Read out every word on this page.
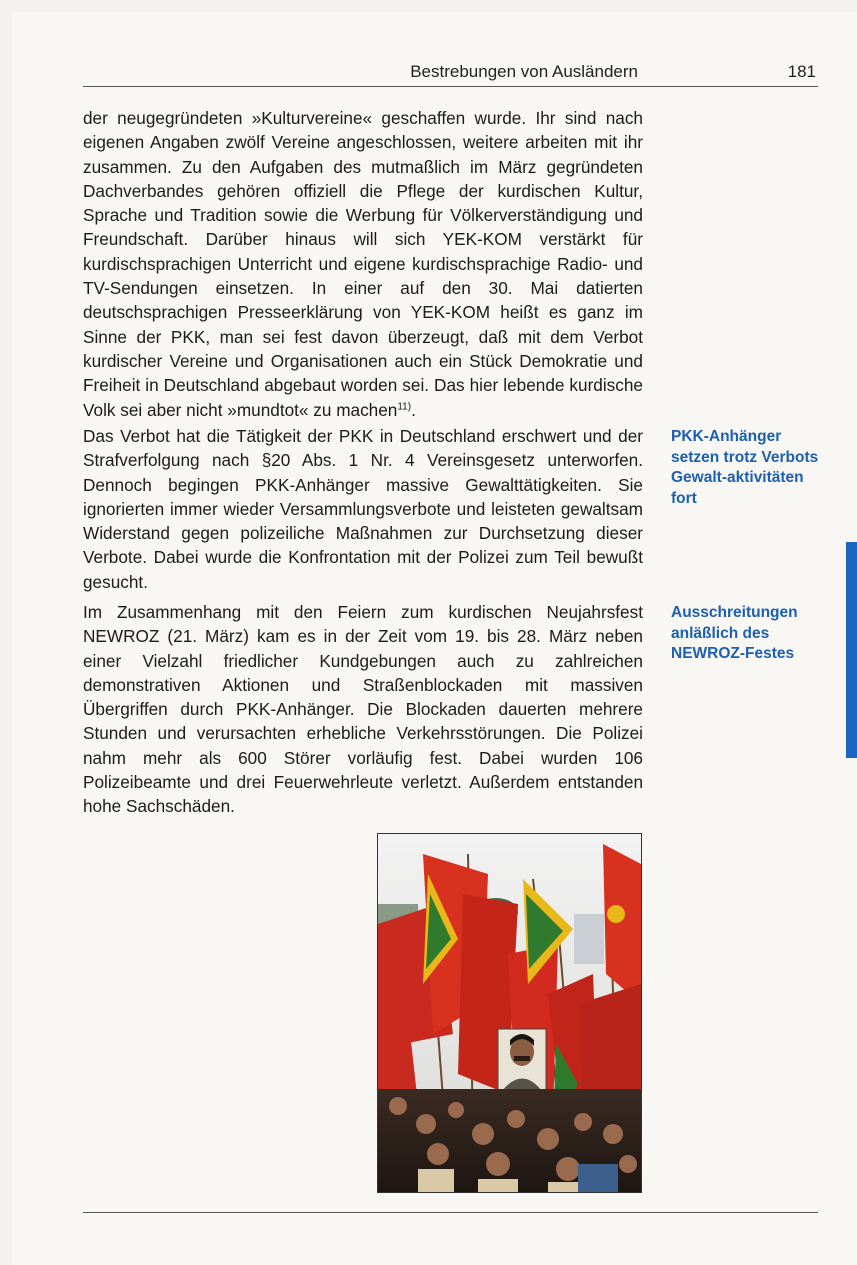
Bestrebungen von Ausländern	181

der neugegründeten »Kulturvereine« geschaffen wurde. Ihr sind nach eigenen Angaben zwölf Vereine angeschlossen, weitere arbeiten mit ihr zusammen. Zu den Aufgaben des mutmaßlich im März gegründeten Dachverbandes gehören offiziell die Pflege der kurdischen Kultur, Sprache und Tradition sowie die Werbung für Völkerverständigung und Freundschaft. Darüber hinaus will sich YEK-KOM verstärkt für kurdischsprachigen Unterricht und eigene kurdischsprachige Radio- und TV-Sendungen einsetzen. In einer auf den 30. Mai datierten deutschsprachigen Presseerklärung von YEK-KOM heißt es ganz im Sinne der PKK, man sei fest davon überzeugt, daß mit dem Verbot kurdischer Vereine und Organisationen auch ein Stück Demokratie und Freiheit in Deutschland abgebaut worden sei. Das hier lebende kurdische Volk sei aber nicht »mundtot« zu machen$^{11)}$.

Das Verbot hat die Tätigkeit der PKK in Deutschland erschwert und der Strafverfolgung nach §20 Abs. 1 Nr. 4 Vereinsgesetz unterworfen. Dennoch begingen PKK-Anhänger massive Gewalttätigkeiten. Sie ignorierten immer wieder Versammlungsverbote und leisteten gewaltsam Widerstand gegen polizeiliche Maßnahmen zur Durchsetzung dieser Verbote. Dabei wurde die Konfrontation mit der Polizei zum Teil bewußt gesucht.

Im Zusammenhang mit den Feiern zum kurdischen Neujahrsfest NEWROZ (21. März) kam es in der Zeit vom 19. bis 28. März neben einer Vielzahl friedlicher Kundgebungen auch zu zahlreichen demonstrativen Aktionen und Straßenblockaden mit massiven Übergriffen durch PKK-Anhänger. Die Blockaden dauerten mehrere Stunden und verursachten erhebliche Verkehrsstörungen. Die Polizei nahm mehr als 600 Störer vorläufig fest. Dabei wurden 106 Polizeibeamte und drei Feuerwehrleute verletzt. Außerdem entstanden hohe Sachschäden.

PKK-Anhänger setzen trotz Verbots Gewalt-aktivitäten fort

Ausschreitungen anläßlich des NEWROZ-Festes
